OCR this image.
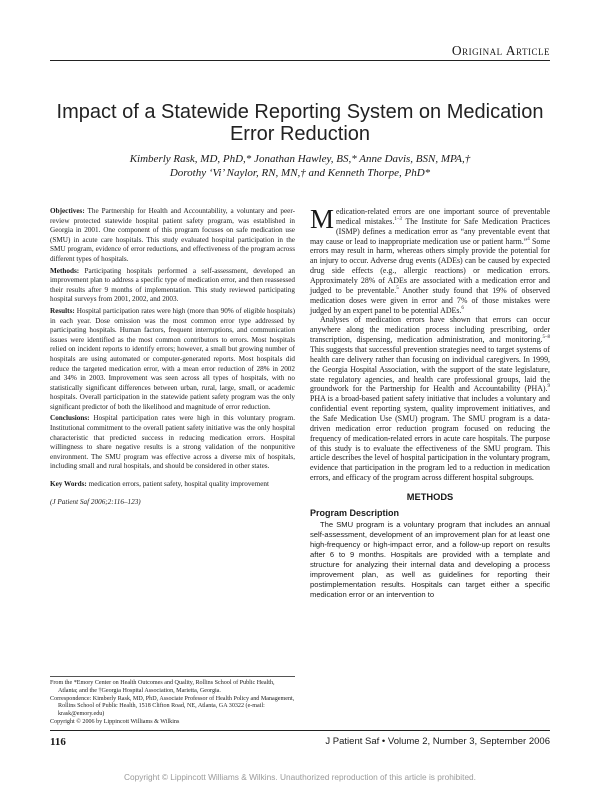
Original Article
Impact of a Statewide Reporting System on Medication Error Reduction
Kimberly Rask, MD, PhD,* Jonathan Hawley, BS,* Anne Davis, BSN, MPA,†
Dorothy ‘Vi’ Naylor, RN, MN,† and Kenneth Thorpe, PhD*

Objectives: The Partnership for Health and Accountability, a voluntary and peer-review protected statewide hospital patient safety program, was established in Georgia in 2001. One component of this program focuses on safe medication use (SMU) in acute care hospitals. This study evaluated hospital participation in the SMU program, evidence of error reductions, and effectiveness of the program across different types of hospitals.

Methods: Participating hospitals performed a self-assessment, developed an improvement plan to address a specific type of medication error, and then reassessed their results after 9 months of implementation. This study reviewed participating hospital surveys from 2001, 2002, and 2003.

Results: Hospital participation rates were high (more than 90% of eligible hospitals) in each year. Dose omission was the most common error type addressed by participating hospitals. Human factors, frequent interruptions, and communication issues were identified as the most common contributors to errors. Most hospitals relied on incident reports to identify errors; however, a small but growing number of hospitals are using automated or computer-generated reports. Most hospitals did reduce the targeted medication error, with a mean error reduction of 28% in 2002 and 34% in 2003. Improvement was seen across all types of hospitals, with no statistically significant differences between urban, rural, large, small, or academic hospitals. Overall participation in the statewide patient safety program was the only significant predictor of both the likelihood and magnitude of error reduction.

Conclusions: Hospital participation rates were high in this voluntary program. Institutional commitment to the overall patient safety initiative was the only hospital characteristic that predicted success in reducing medication errors. Hospital willingness to share negative results is a strong validation of the nonpunitive environment. The SMU program was effective across a diverse mix of hospitals, including small and rural hospitals, and should be considered in other states.

Key Words: medication errors, patient safety, hospital quality improvement

(J Patient Saf 2006;2:116–123)

From the *Emory Center on Health Outcomes and Quality, Rollins School of Public Health, Atlanta; and the †Georgia Hospital Association, Marietta, Georgia.

Correspondence: Kimberly Rask, MD, PhD, Associate Professor of Health Policy and Management, Rollins School of Public Health, 1518 Clifton Road, NE, Atlanta, GA 30322 (e-mail: krask@emory.edu)

Copyright © 2006 by Lippincott Williams & Wilkins

Medication-related errors are one important source of preventable medical mistakes.$^{1-3}$ The Institute for Safe Medication Practices (ISMP) defines a medication error as “any preventable event that may cause or lead to inappropriate medication use or patient harm.”$^4$ Some errors may result in harm, whereas others simply provide the potential for an injury to occur. Adverse drug events (ADEs) can be caused by expected drug side effects (e.g., allergic reactions) or medication errors. Approximately 28% of ADEs are associated with a medication error and judged to be preventable.$^5$ Another study found that 19% of observed medication doses were given in error and 7% of those mistakes were judged by an expert panel to be potential ADEs.$^6$

Analyses of medication errors have shown that errors can occur anywhere along the medication process including prescribing, order transcription, dispensing, medication administration, and monitoring.$^{5-8}$ This suggests that successful prevention strategies need to target systems of health care delivery rather than focusing on individual caregivers. In 1999, the Georgia Hospital Association, with the support of the state legislature, state regulatory agencies, and health care professional groups, laid the groundwork for the Partnership for Health and Accountability (PHA).$^9$ PHA is a broad-based patient safety initiative that includes a voluntary and confidential event reporting system, quality improvement initiatives, and the Safe Medication Use (SMU) program. The SMU program is a data-driven medication error reduction program focused on reducing the frequency of medication-related errors in acute care hospitals. The purpose of this study is to evaluate the effectiveness of the SMU program. This article describes the level of hospital participation in the voluntary program, evidence that participation in the program led to a reduction in medication errors, and efficacy of the program across different hospital subgroups.

METHODS

Program Description

The SMU program is a voluntary program that includes an annual self-assessment, development of an improvement plan for at least one high-frequency or high-impact error, and a follow-up report on results after 6 to 9 months. Hospitals are provided with a template and structure for analyzing their internal data and developing a process improvement plan, as well as guidelines for reporting their postimplementation results. Hospitals can target either a specific medication error or an intervention to

116	J Patient Saf • Volume 2, Number 3, September 2006
Copyright © Lippincott Williams & Wilkins. Unauthorized reproduction of this article is prohibited.
